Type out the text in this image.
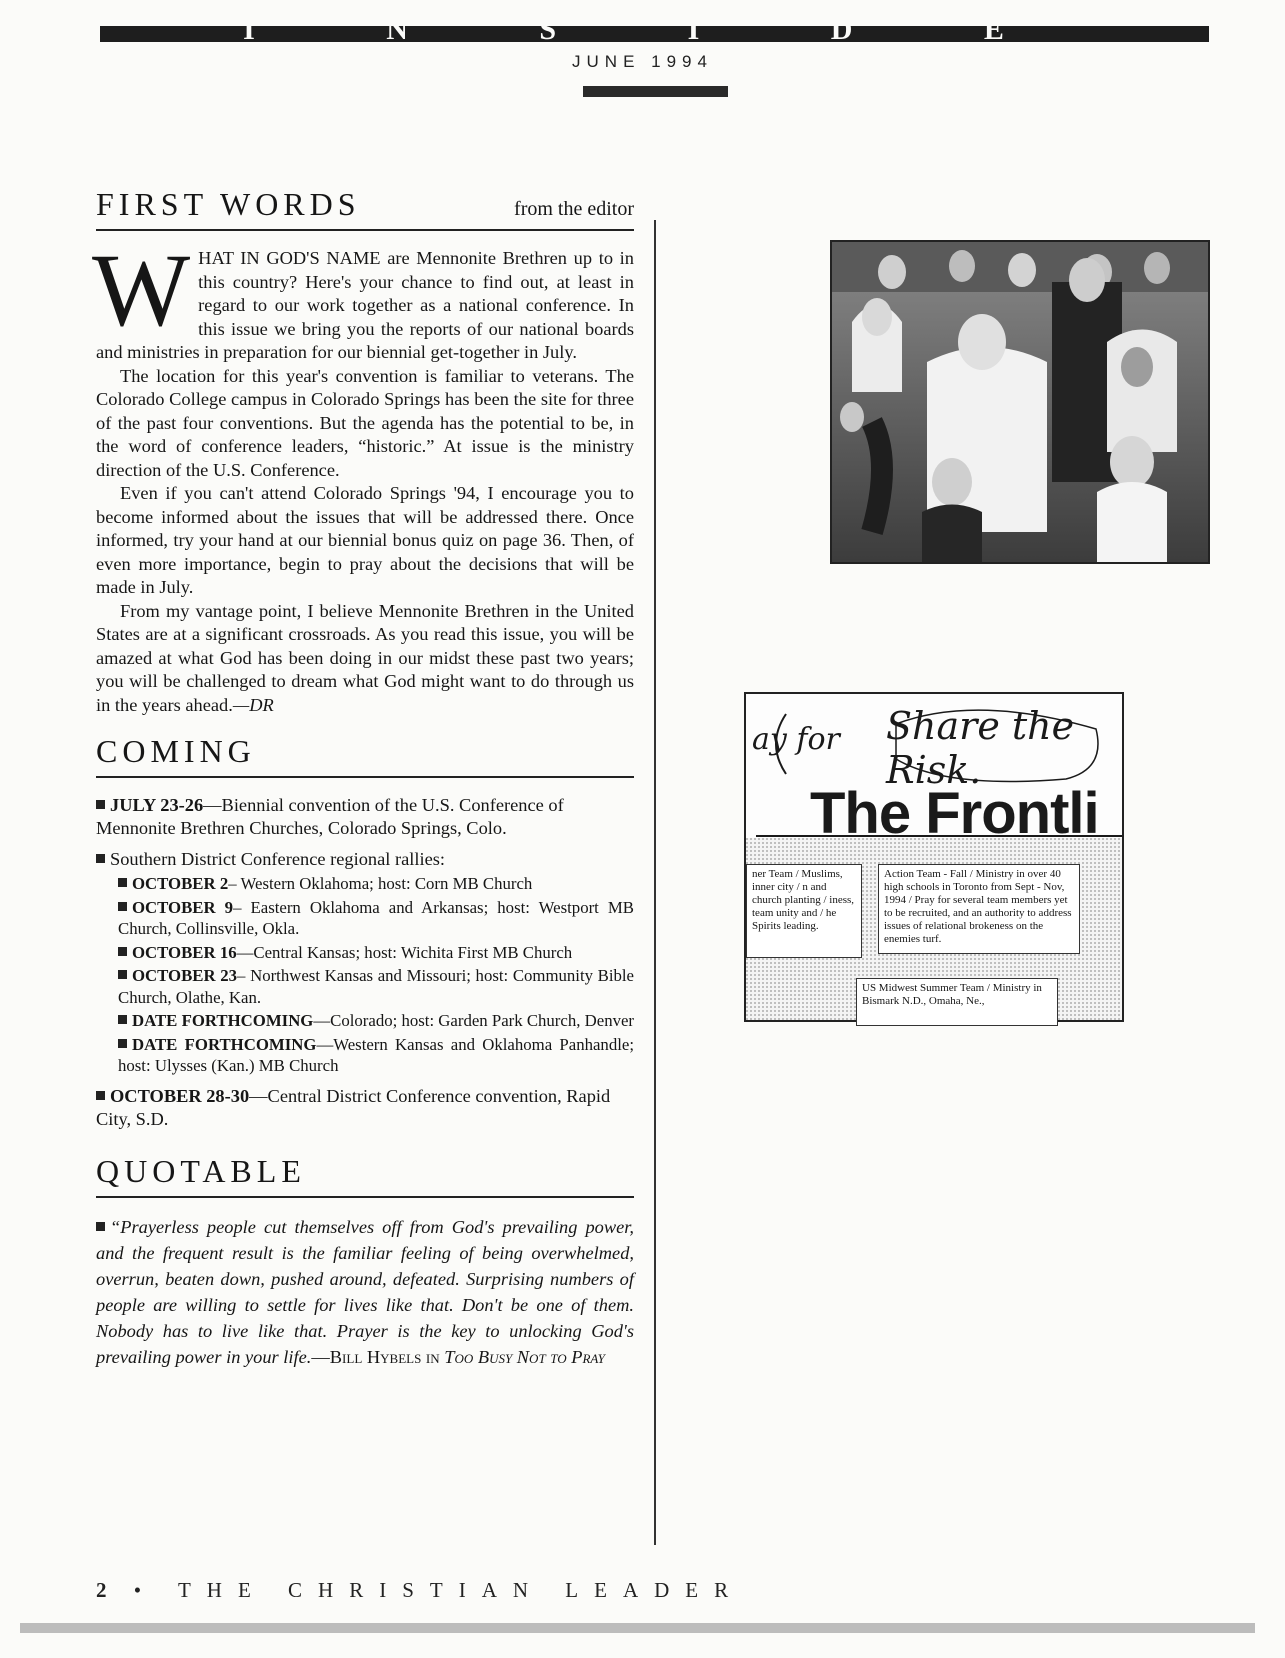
I N S I D E
JUNE 1994
FIRST WORDS	from the editor

WHAT IN GOD'S NAME are Mennonite Brethren up to in this country? Here's your chance to find out, at least in regard to our work together as a national conference. In this issue we bring you the reports of our national boards and ministries in preparation for our biennial get-together in July.

The location for this year's convention is familiar to veterans. The Colorado College campus in Colorado Springs has been the site for three of the past four conventions. But the agenda has the potential to be, in the word of conference leaders, “historic.” At issue is the ministry direction of the U.S. Conference.

Even if you can't attend Colorado Springs '94, I encourage you to become informed about the issues that will be addressed there. Once informed, try your hand at our biennial bonus quiz on page 36. Then, of even more importance, begin to pray about the decisions that will be made in July.

From my vantage point, I believe Mennonite Brethren in the United States are at a significant crossroads. As you read this issue, you will be amazed at what God has been doing in our midst these past two years; you will be challenged to dream what God might want to do through us in the years ahead.—DR

COMING

JULY 23-26—Biennial convention of the U.S. Conference of Mennonite Brethren Churches, Colorado Springs, Colo.

Southern District Conference regional rallies:

OCTOBER 2– Western Oklahoma; host: Corn MB Church

OCTOBER 9– Eastern Oklahoma and Arkansas; host: Westport MB Church, Collinsville, Okla.

OCTOBER 16—Central Kansas; host: Wichita First MB Church

OCTOBER 23– Northwest Kansas and Missouri; host: Community Bible Church, Olathe, Kan.

DATE FORTHCOMING—Colorado; host: Garden Park Church, Denver

DATE FORTHCOMING—Western Kansas and Oklahoma Panhandle; host: Ulysses (Kan.) MB Church

OCTOBER 28-30—Central District Conference convention, Rapid City, S.D.

QUOTABLE

“Prayerless people cut themselves off from God's prevailing power, and the frequent result is the familiar feeling of being overwhelmed, overrun, beaten down, pushed around, defeated. Surprising numbers of people are willing to settle for lives like that. Don't be one of them. Nobody has to live like that. Prayer is the key to unlocking God's prevailing power in your life.—Bill Hybels in Too Busy Not to Pray

Share the Risk.
ay for
The Frontli
ner Team / Muslims, inner city / n and church planting / iness, team unity and / he Spirits leading.
Action Team - Fall / Ministry in over 40 high schools in Toronto from Sept - Nov, 1994 / Pray for several team members yet to be recruited, and an authority to address issues of relational brokeness on the enemies turf.
US Midwest Summer Team / Ministry in Bismark N.D., Omaha, Ne.,
2 • THE CHRISTIAN LEADER
